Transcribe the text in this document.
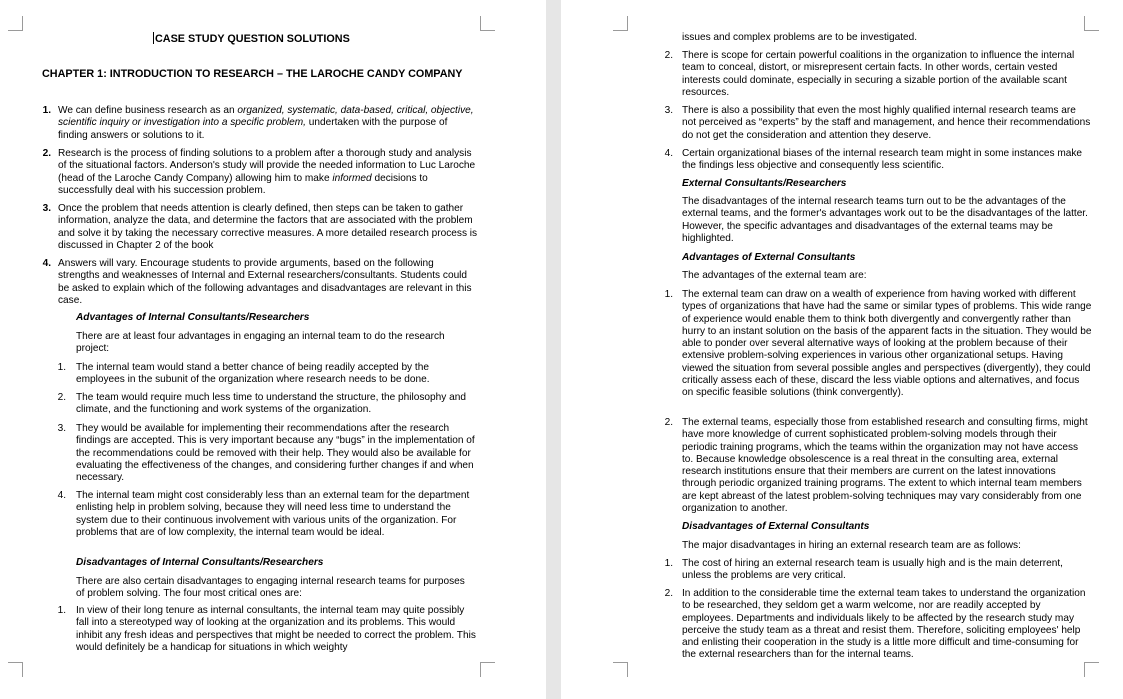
CASE STUDY QUESTION SOLUTIONS
CHAPTER 1: INTRODUCTION TO RESEARCH – THE LAROCHE CANDY COMPANY
1. We can define business research as an organized, systematic, data-based, critical, objective, scientific inquiry or investigation into a specific problem, undertaken with the purpose of finding answers or solutions to it.

2. Research is the process of finding solutions to a problem after a thorough study and analysis of the situational factors. Anderson's study will provide the needed information to Luc Laroche (head of the Laroche Candy Company) allowing him to make informed decisions to successfully deal with his succession problem.

3. Once the problem that needs attention is clearly defined, then steps can be taken to gather information, analyze the data, and determine the factors that are associated with the problem and solve it by taking the necessary corrective measures. A more detailed research process is discussed in Chapter 2 of the book

4. Answers will vary. Encourage students to provide arguments, based on the following strengths and weaknesses of Internal and External researchers/consultants. Students could be asked to explain which of the following advantages and disadvantages are relevant in this case.

Advantages of Internal Consultants/Researchers

There are at least four advantages in engaging an internal team to do the research project:

1. The internal team would stand a better chance of being readily accepted by the employees in the subunit of the organization where research needs to be done.

2. The team would require much less time to understand the structure, the philosophy and climate, and the functioning and work systems of the organization.

3. They would be available for implementing their recommendations after the research findings are accepted. This is very important because any “bugs” in the implementation of the recommendations could be removed with their help. They would also be available for evaluating the effectiveness of the changes, and considering further changes if and when necessary.

4. The internal team might cost considerably less than an external team for the department enlisting help in problem solving, because they will need less time to understand the system due to their continuous involvement with various units of the organization. For problems that are of low complexity, the internal team would be ideal.

Disadvantages of Internal Consultants/Researchers

There are also certain disadvantages to engaging internal research teams for purposes of problem solving. The four most critical ones are:

1. In view of their long tenure as internal consultants, the internal team may quite possibly fall into a stereotyped way of looking at the organization and its problems. This would inhibit any fresh ideas and perspectives that might be needed to correct the problem. This would definitely be a handicap for situations in which weighty

issues and complex problems are to be investigated.

2. There is scope for certain powerful coalitions in the organization to influence the internal team to conceal, distort, or misrepresent certain facts. In other words, certain vested interests could dominate, especially in securing a sizable portion of the available scant resources.

3. There is also a possibility that even the most highly qualified internal research teams are not perceived as “experts” by the staff and management, and hence their recommendations do not get the consideration and attention they deserve.

4. Certain organizational biases of the internal research team might in some instances make the findings less objective and consequently less scientific.

External Consultants/Researchers

The disadvantages of the internal research teams turn out to be the advantages of the external teams, and the former's advantages work out to be the disadvantages of the latter. However, the specific advantages and disadvantages of the external teams may be highlighted.

Advantages of External Consultants

The advantages of the external team are:

1. The external team can draw on a wealth of experience from having worked with different types of organizations that have had the same or similar types of problems. This wide range of experience would enable them to think both divergently and convergently rather than hurry to an instant solution on the basis of the apparent facts in the situation. They would be able to ponder over several alternative ways of looking at the problem because of their extensive problem-solving experiences in various other organizational setups. Having viewed the situation from several possible angles and perspectives (divergently), they could critically assess each of these, discard the less viable options and alternatives, and focus on specific feasible solutions (think convergently).

2. The external teams, especially those from established research and consulting firms, might have more knowledge of current sophisticated problem-solving models through their periodic training programs, which the teams within the organization may not have access to. Because knowledge obsolescence is a real threat in the consulting area, external research institutions ensure that their members are current on the latest innovations through periodic organized training programs. The extent to which internal team members are kept abreast of the latest problem-solving techniques may vary considerably from one organization to another.

Disadvantages of External Consultants

The major disadvantages in hiring an external research team are as follows:

1. The cost of hiring an external research team is usually high and is the main deterrent, unless the problems are very critical.

2. In addition to the considerable time the external team takes to understand the organization to be researched, they seldom get a warm welcome, nor are readily accepted by employees. Departments and individuals likely to be affected by the research study may perceive the study team as a threat and resist them. Therefore, soliciting employees' help and enlisting their cooperation in the study is a little more difficult and time-consuming for the external researchers than for the internal teams.
